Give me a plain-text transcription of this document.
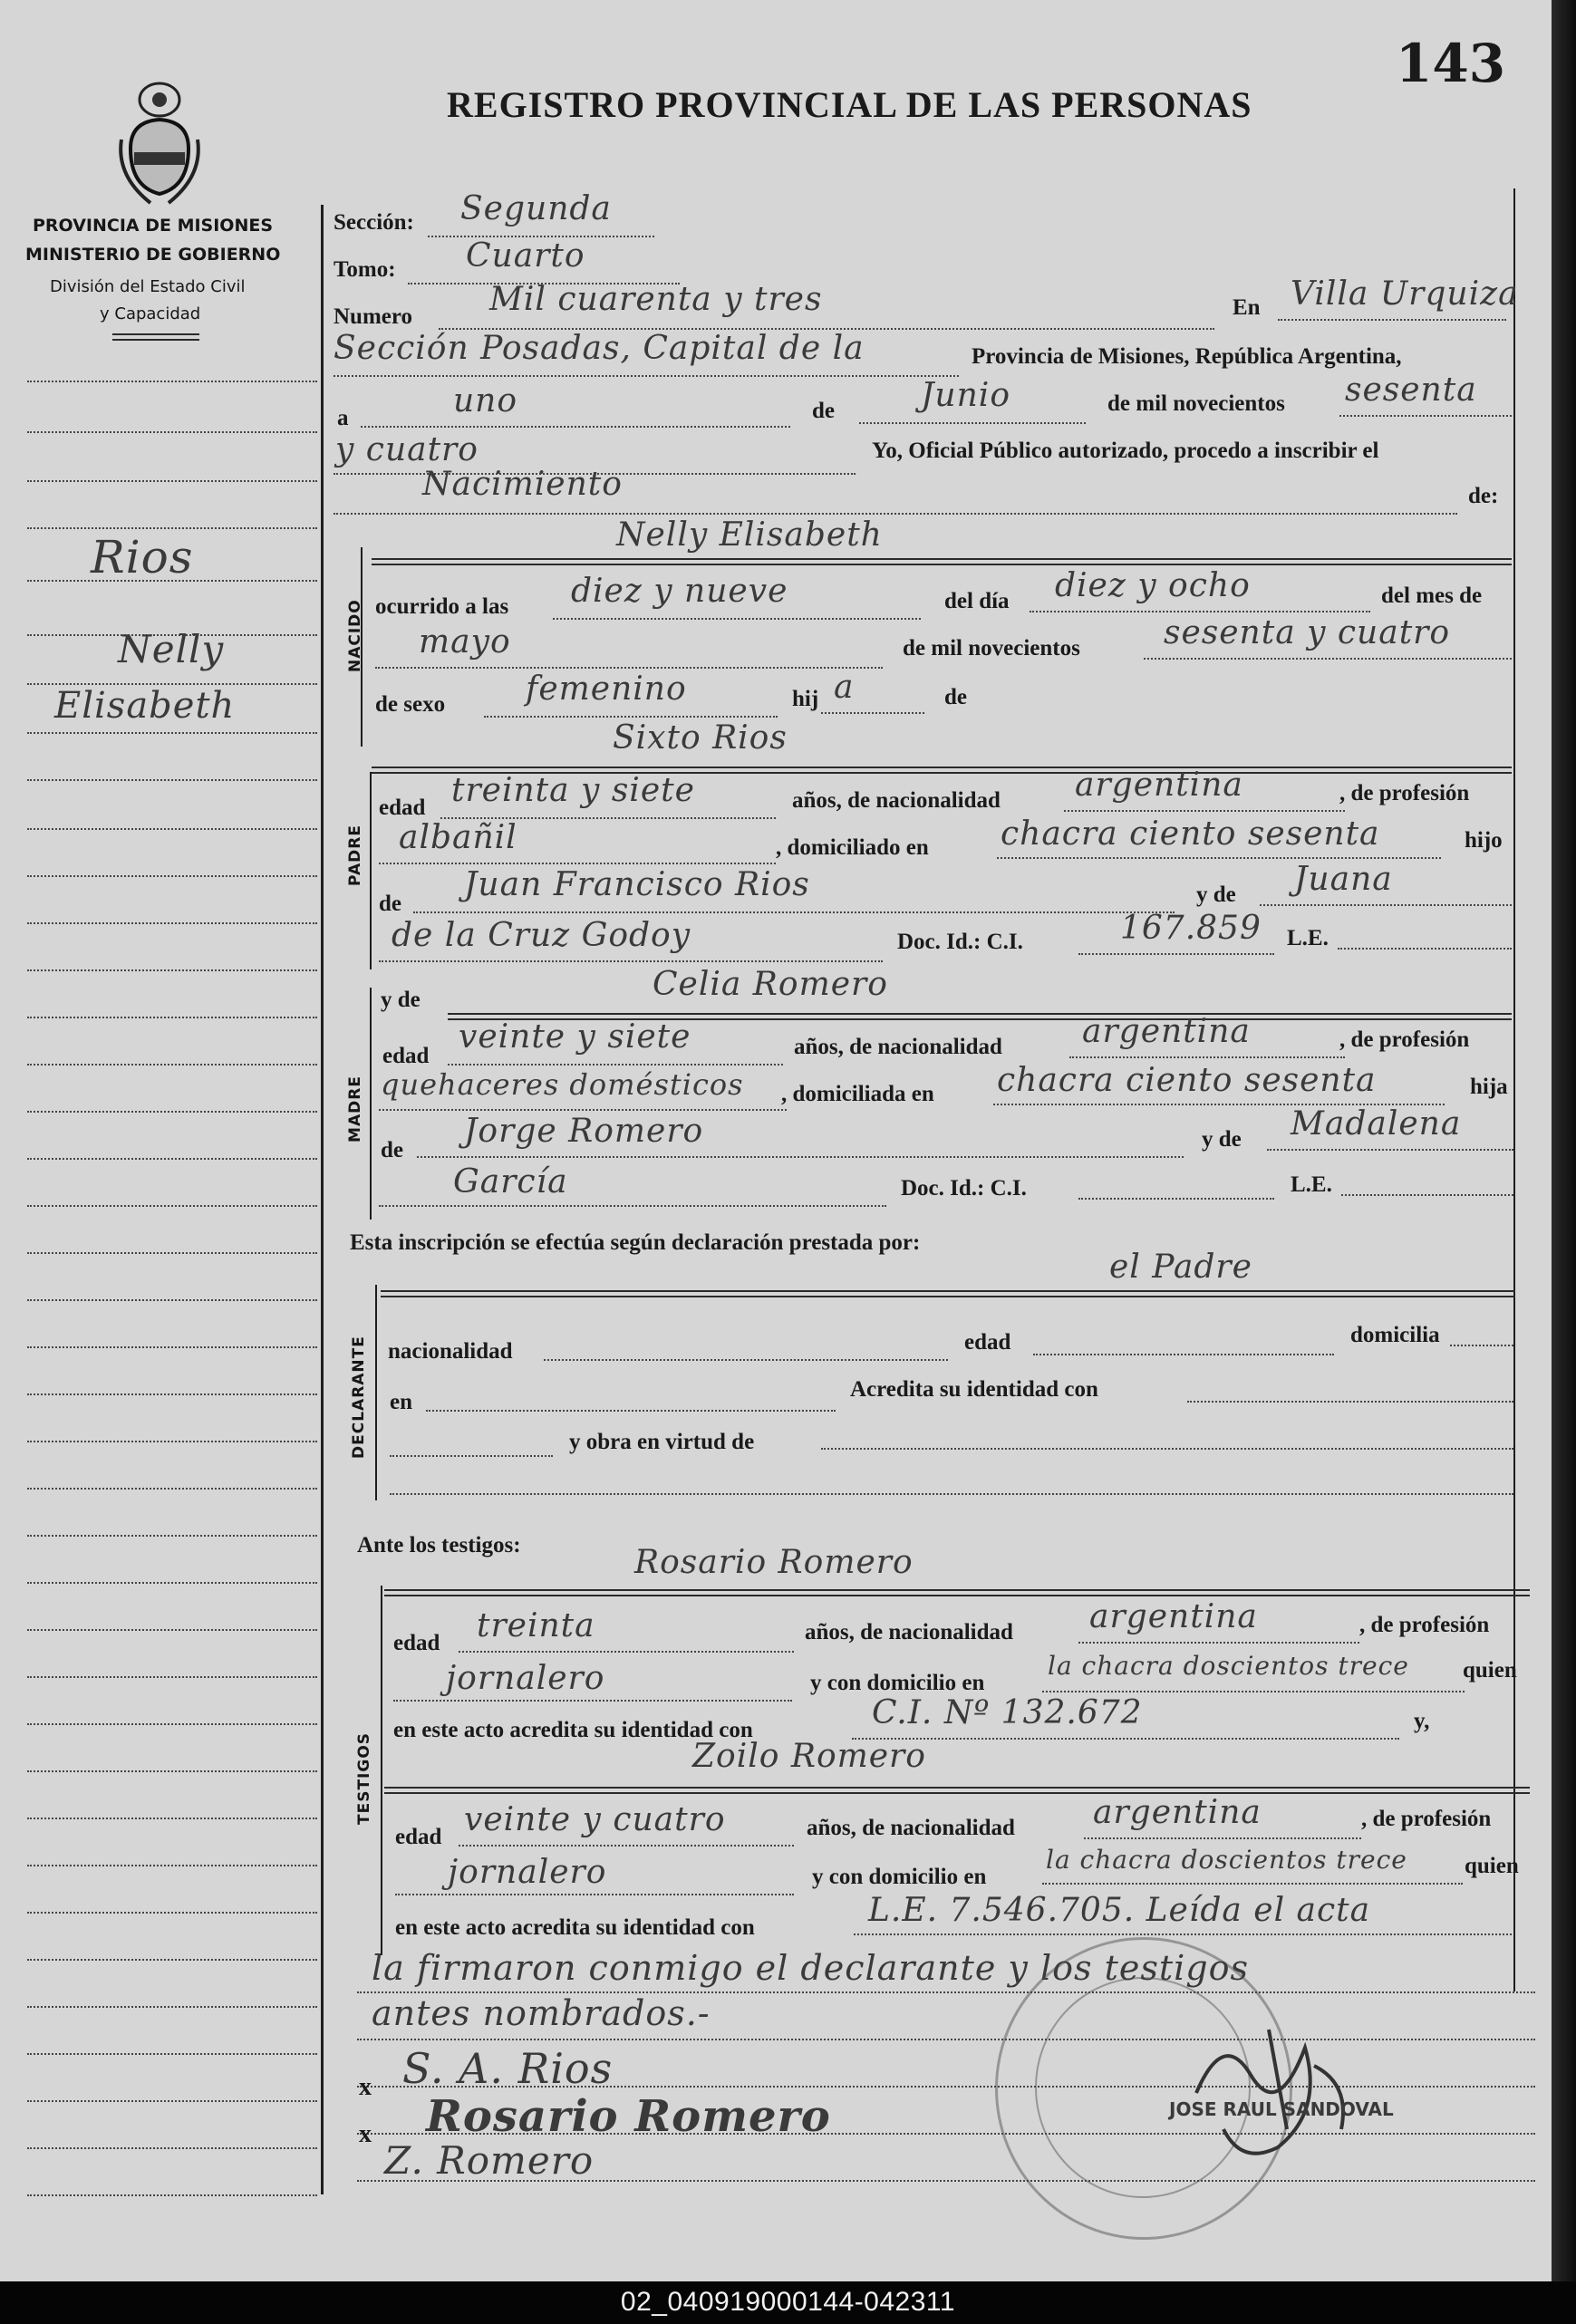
143
REGISTRO PROVINCIAL DE LAS PERSONAS
PROVINCIA DE MISIONES
MINISTERIO DE GOBIERNO
División del Estado Civil
y Capacidad
Rios
Nelly
Elisabeth
Sección: Segunda
Tomo: Cuarto
Numero Mil cuarenta y tres	En Villa Urquiza
Sección Posadas, Capital de la	Provincia de Misiones, República Argentina,
a	uno	de	Junio	de mil novecientos sesenta
y cuatro	Yo, Oficial Público autorizado, procedo a inscribir el
Nacimiento	de:
NACIDO
Nelly Elisabeth
ocurrido a las diez y nueve	del día diez y ocho	del mes de
mayo	de mil novecientos	sesenta y cuatro
de sexo femenino	hij a	de
Sixto Rios
PADRE
edad treinta y siete	años, de nacionalidad argentina	, de profesión
albañil	, domiciliado en chacra ciento sesenta	hijo
de
Juan Francisco Rios	y de Juana
de la Cruz Godoy	Doc. Id.: C.I.	167.859 L.E.
y de	Celia Romero
MADRE
edad
veinte y siete	años, de nacionalidad argentina	, de profesión
quehaceres domésticos , domiciliada en chacra ciento sesenta	hija
de
Jorge Romero	y de Madalena
García	Doc. Id.: C.I.	L.E.
Esta inscripción se efectúa según declaración prestada por:
el Padre
DECLARANTE nacionalidad	edad	domicilia
en
Acredita su identidad con
y obra en virtud de
Ante los testigos:	Rosario Romero
TESTIGOS
edad treinta	años, de nacionalidad argentina	, de profesión
jornalero	y con domicilio en
la chacra doscientos trece quien
en este acto acredita su identidad con	C.I. Nº 132.672	y,
Zoilo Romero
edad veinte y cuatro	años, de nacionalidad argentina	, de profesión
jornalero	y con domicilio en
la chacra doscientos trece	quien
en este acto acredita su identidad con	L.E. 7.546.705. Leída el acta
la firmaron conmigo el declarante y los testigos
antes nombrados.-
x S. A. Rios
x Rosario Romero
Z. Romero
JOSE RAUL SANDOVAL
02_040919000144-042311
